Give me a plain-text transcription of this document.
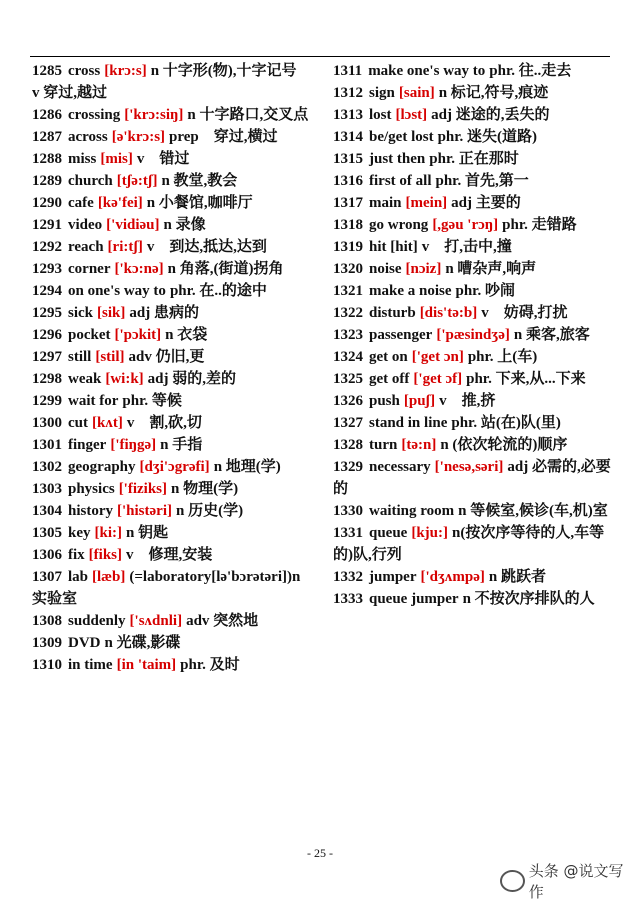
1285 cross [krɔ:s] n 十字形(物),十字记号　v 穿过,越过

1286 crossing ['krɔ:siŋ] n 十字路口,交叉点

1287 across [ə'krɔ:s] prep　穿过,横过

1288 miss [mis] v　错过

1289 church [tʃə:tʃ] n 教堂,教会

1290 cafe [kə'fei] n 小餐馆,咖啡厅

1291 video ['vidiəu] n 录像

1292 reach [ri:tʃ] v　到达,抵达,达到

1293 corner ['kɔ:nə] n 角落,(街道)拐角

1294 on one's way to phr. 在..的途中

1295 sick [sik] adj 患病的

1296 pocket ['pɔkit] n 衣袋

1297 still [stil] adv 仍旧,更

1298 weak [wi:k] adj 弱的,差的

1299 wait for phr. 等候

1300 cut [kʌt] v　割,砍,切

1301 finger ['fiŋgə] n 手指

1302 geography [dʒi'ɔgrəfi] n 地理(学)

1303 physics ['fiziks] n 物理(学)

1304 history ['histəri] n 历史(学)

1305 key [ki:] n 钥匙

1306 fix [fiks] v　修理,安装

1307 lab [læb] (=laboratory[lə'bɔrətəri])n 实验室

1308 suddenly ['sʌdnli] adv 突然地

1309 DVD n 光碟,影碟

1310 in time [in 'taim] phr. 及时

1311 make one's way to phr. 往..走去

1312 sign [sain] n 标记,符号,痕迹

1313 lost [lɔst] adj 迷途的,丢失的

1314 be/get lost phr. 迷失(道路)

1315 just then phr. 正在那时

1316 first of all phr. 首先,第一

1317 main [mein] adj 主要的

1318 go wrong [,gəu 'rɔŋ] phr. 走错路

1319 hit [hit] v　打,击中,撞

1320 noise [nɔiz] n 嘈杂声,响声

1321 make a noise phr. 吵闹

1322 disturb [dis'tə:b] v　妨碍,打扰

1323 passenger ['pæsindʒə] n 乘客,旅客

1324 get on ['get ɔn] phr. 上(车)

1325 get off ['get ɔf] phr. 下来,从...下来

1326 push [puʃ] v　推,挤

1327 stand in line phr. 站(在)队(里)

1328 turn [tə:n] n (依次轮流的)顺序

1329 necessary ['nesə,səri] adj 必需的,必要的

1330 waiting room n 等候室,候诊(车,机)室

1331 queue [kju:] n(按次序等待的人,车等的)队,行列

1332 jumper ['dʒʌmpə] n 跳跃者

1333 queue jumper n 不按次序排队的人

- 25 -
头条 @说文写作
